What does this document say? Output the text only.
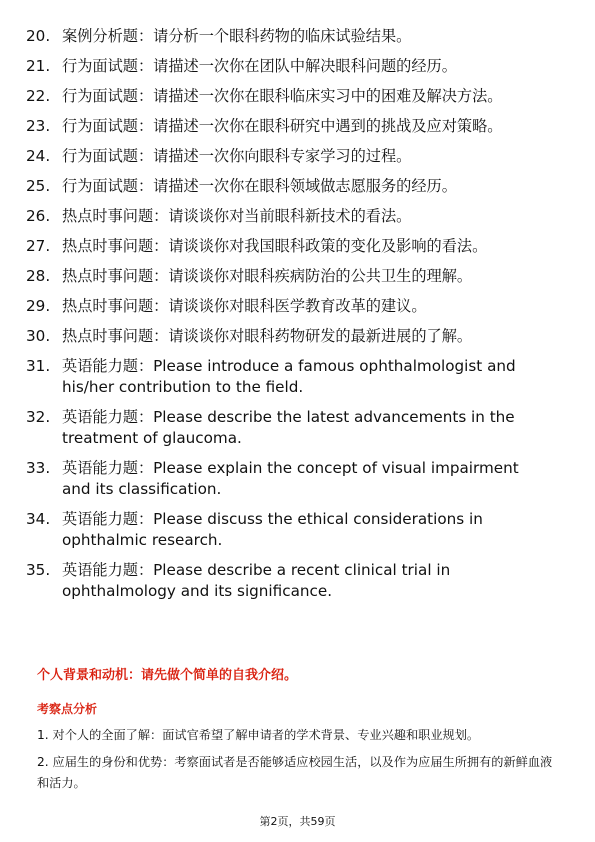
20. 案例分析题：请分析一个眼科药物的临床试验结果。
21. 行为面试题：请描述一次你在团队中解决眼科问题的经历。
22. 行为面试题：请描述一次你在眼科临床实习中的困难及解决方法。
23. 行为面试题：请描述一次你在眼科研究中遇到的挑战及应对策略。
24. 行为面试题：请描述一次你向眼科专家学习的过程。
25. 行为面试题：请描述一次你在眼科领域做志愿服务的经历。
26. 热点时事问题：请谈谈你对当前眼科新技术的看法。
27. 热点时事问题：请谈谈你对我国眼科政策的变化及影响的看法。
28. 热点时事问题：请谈谈你对眼科疾病防治的公共卫生的理解。
29. 热点时事问题：请谈谈你对眼科医学教育改革的建议。
30. 热点时事问题：请谈谈你对眼科药物研发的最新进展的了解。
31. 英语能力题：Please introduce a famous ophthalmologist and his/her contribution to the field.
32. 英语能力题：Please describe the latest advancements in the treatment of glaucoma.
33. 英语能力题：Please explain the concept of visual impairment and its classification.
34. 英语能力题：Please discuss the ethical considerations in ophthalmic research.
35. 英语能力题：Please describe a recent clinical trial in ophthalmology and its significance.
个人背景和动机：请先做个简单的自我介绍。
考察点分析
1. 对个人的全面了解：面试官希望了解申请者的学术背景、专业兴趣和职业规划。
2. 应届生的身份和优势：考察面试者是否能够适应校园生活，以及作为应届生所拥有的新鲜血液和活力。
第2页，共59页
